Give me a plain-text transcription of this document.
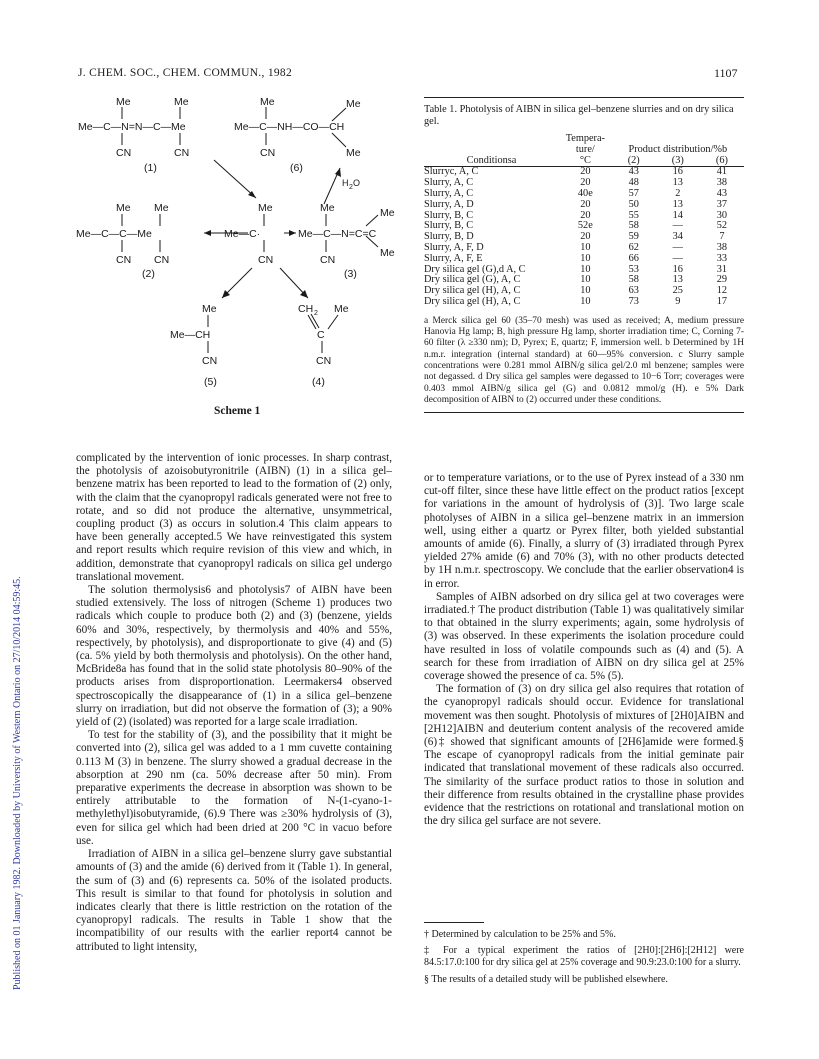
Published on 01 January 1982. Downloaded by University of Western Ontario on 27/10/2014 04:59:45.
J. CHEM. SOC., CHEM. COMMUN., 1982	1107
Me	Me
Me—C—N=N—C—Me
CN	CN
Me	Me
Me—C—NH—CO—CH
CN	Me
H 2 O
Me Me
Me—C—C—Me
CN CN
Me
Me—C·
CN
Me	Me
Me—C—N=C=C
CN
Me
Me
Me—CH
CN
CH 2 Me
C
CN
(1)	(6)
(2)	(3)
(5)	(4)
Scheme 1
Table 1. Photolysis of AIBN in silica gel–benzene slurries and on dry silica gel.
	Tempera-			
	ture/	Product distribution/%b		
Conditionsa	°C	(2)	(3)	(6)
Slurryc, A, C	20	43	16	41
Slurry, A, C	20	48	13	38
Slurry, A, C	40e	57	2	43
Slurry, A, D	20	50	13	37
Slurry, B, C	20	55	14	30
Slurry, B, C	52e	58	—	52
Slurry, B, D	20	59	34	7
Slurry, A, F, D	10	62	—	38
Slurry, A, F, E	10	66	—	33
Dry silica gel (G),d A, C	10	53	16	31
Dry silica gel (G), A, C	10	58	13	29
Dry silica gel (H), A, C	10	63	25	12
Dry silica gel (H), A, C	10	73	9	17
a Merck silica gel 60 (35–70 mesh) was used as received; A, medium pressure Hanovia Hg lamp; B, high pressure Hg lamp, shorter irradiation time; C, Corning 7-60 filter (λ ≥330 nm); D, Pyrex; E, quartz; F, immersion well. b Determined by 1H n.m.r. integration (internal standard) at 60—95% conversion. c Slurry sample concentrations were 0.281 mmol AIBN/g silica gel/2.0 ml benzene; samples were not degassed. d Dry silica gel samples were degassed to 10−6 Torr; coverages were 0.403 mmol AIBN/g silica gel (G) and 0.0812 mmol/g (H). e 5% Dark decomposition of AIBN to (2) occurred under these conditions.

complicated by the intervention of ionic processes. In sharp contrast, the photolysis of azoisobutyronitrile (AIBN) (1) in a silica gel–benzene matrix has been reported to lead to the formation of (2) only, with the claim that the cyanopropyl radicals generated were not free to rotate, and so did not produce the alternative, unsymmetrical, coupling product (3) as occurs in solution.4 This claim appears to have been generally accepted.5 We have reinvestigated this system and report results which require revision of this view and which, in addition, demonstrate that cyanopropyl radicals on silica gel undergo translational movement.

The solution thermolysis6 and photolysis7 of AIBN have been studied extensively. The loss of nitrogen (Scheme 1) produces two radicals which couple to produce both (2) and (3) (benzene, yields 60% and 30%, respectively, by thermolysis and 40% and 55%, respectively, by photolysis), and disproportionate to give (4) and (5) (ca. 5% yield by both thermolysis and photolysis). On the other hand, McBride8a has found that in the solid state photolysis 80–90% of the products arises from disproportionation. Leermakers4 observed spectroscopically the disappearance of (1) in a silica gel–benzene slurry on irradiation, but did not observe the formation of (3); a 90% yield of (2) (isolated) was reported for a large scale irradiation.

To test for the stability of (3), and the possibility that it might be converted into (2), silica gel was added to a 1 mm cuvette containing 0.113 M (3) in benzene. The slurry showed a gradual decrease in the absorption at 290 nm (ca. 50% decrease after 50 min). From preparative experiments the decrease in absorption was shown to be entirely attributable to the formation of N-(1-cyano-1-methylethyl)isobutyramide, (6).9 There was ≥30% hydrolysis of (3), even for silica gel which had been dried at 200 °C in vacuo before use.

Irradiation of AIBN in a silica gel–benzene slurry gave substantial amounts of (3) and the amide (6) derived from it (Table 1). In general, the sum of (3) and (6) represents ca. 50% of the isolated products. This result is similar to that found for photolysis in solution and indicates clearly that there is little restriction on the rotation of the cyanopropyl radicals. The results in Table 1 show that the incompatibility of our results with the earlier report4 cannot be attributed to light intensity,

or to temperature variations, or to the use of Pyrex instead of a 330 nm cut-off filter, since these have little effect on the product ratios [except for variations in the amount of hydrolysis of (3)]. Two large scale photolyses of AIBN in a silica gel–benzene matrix in an immersion well, using either a quartz or Pyrex filter, both yielded substantial amounts of amide (6). Finally, a slurry of (3) irradiated through Pyrex yielded 27% amide (6) and 70% (3), with no other products detected by 1H n.m.r. spectroscopy. We conclude that the earlier observation4 is in error.

Samples of AIBN adsorbed on dry silica gel at two coverages were irradiated.† The product distribution (Table 1) was qualitatively similar to that obtained in the slurry experiments; again, some hydrolysis of (3) was observed. In these experiments the isolation procedure could have resulted in loss of volatile compounds such as (4) and (5). A search for these from irradiation of AIBN on dry silica gel at 25% coverage showed the presence of ca. 5% (5).

The formation of (3) on dry silica gel also requires that rotation of the cyanopropyl radicals should occur. Evidence for translational movement was then sought. Photolysis of mixtures of [2H0]AIBN and [2H12]AIBN and deuterium content analysis of the recovered amide (6)‡ showed that significant amounts of [2H6]amide were formed.§ The escape of cyanopropyl radicals from the initial geminate pair indicated that translational movement of these radicals also occurred. The similarity of the surface product ratios to those in solution and their difference from results obtained in the crystalline phase provides evidence that the restrictions on rotational and translational motion on the dry silica gel surface are not severe.

† Determined by calculation to be 25% and 5%.
‡ For a typical experiment the ratios of [2H0]:[2H6]:[2H12] were 84.5:17.0:100 for dry silica gel at 25% coverage and 90.9:23.0:100 for a slurry.
§ The results of a detailed study will be published elsewhere.
